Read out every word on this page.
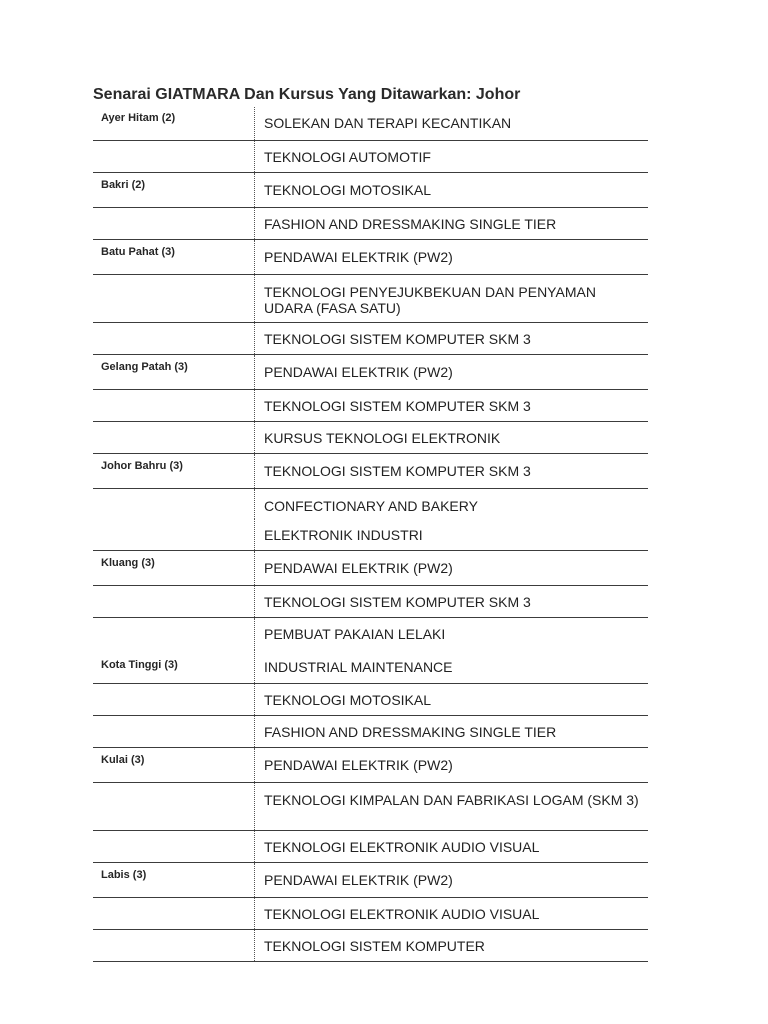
Senarai GIATMARA Dan Kursus Yang Ditawarkan: Johor
Ayer Hitam (2)	SOLEKAN DAN TERAPI KECANTIKAN
TEKNOLOGI AUTOMOTIF
Bakri (2)	TEKNOLOGI MOTOSIKAL
FASHION AND DRESSMAKING SINGLE TIER
Batu Pahat (3)	PENDAWAI ELEKTRIK (PW2)
TEKNOLOGI PENYEJUKBEKUAN DAN PENYAMAN UDARA (FASA SATU)
TEKNOLOGI SISTEM KOMPUTER SKM 3
Gelang Patah (3)	PENDAWAI ELEKTRIK (PW2)
TEKNOLOGI SISTEM KOMPUTER SKM 3
KURSUS TEKNOLOGI ELEKTRONIK
Johor Bahru (3)	TEKNOLOGI SISTEM KOMPUTER SKM 3
CONFECTIONARY AND BAKERY
ELEKTRONIK INDUSTRI
Kluang (3)	PENDAWAI ELEKTRIK (PW2)
TEKNOLOGI SISTEM KOMPUTER SKM 3
PEMBUAT PAKAIAN LELAKI
Kota Tinggi (3)	INDUSTRIAL MAINTENANCE
TEKNOLOGI MOTOSIKAL
FASHION AND DRESSMAKING SINGLE TIER
Kulai (3)	PENDAWAI ELEKTRIK (PW2)
TEKNOLOGI KIMPALAN DAN FABRIKASI LOGAM (SKM 3)
TEKNOLOGI ELEKTRONIK AUDIO VISUAL
Labis (3)	PENDAWAI ELEKTRIK (PW2)
TEKNOLOGI ELEKTRONIK AUDIO VISUAL
TEKNOLOGI SISTEM KOMPUTER
